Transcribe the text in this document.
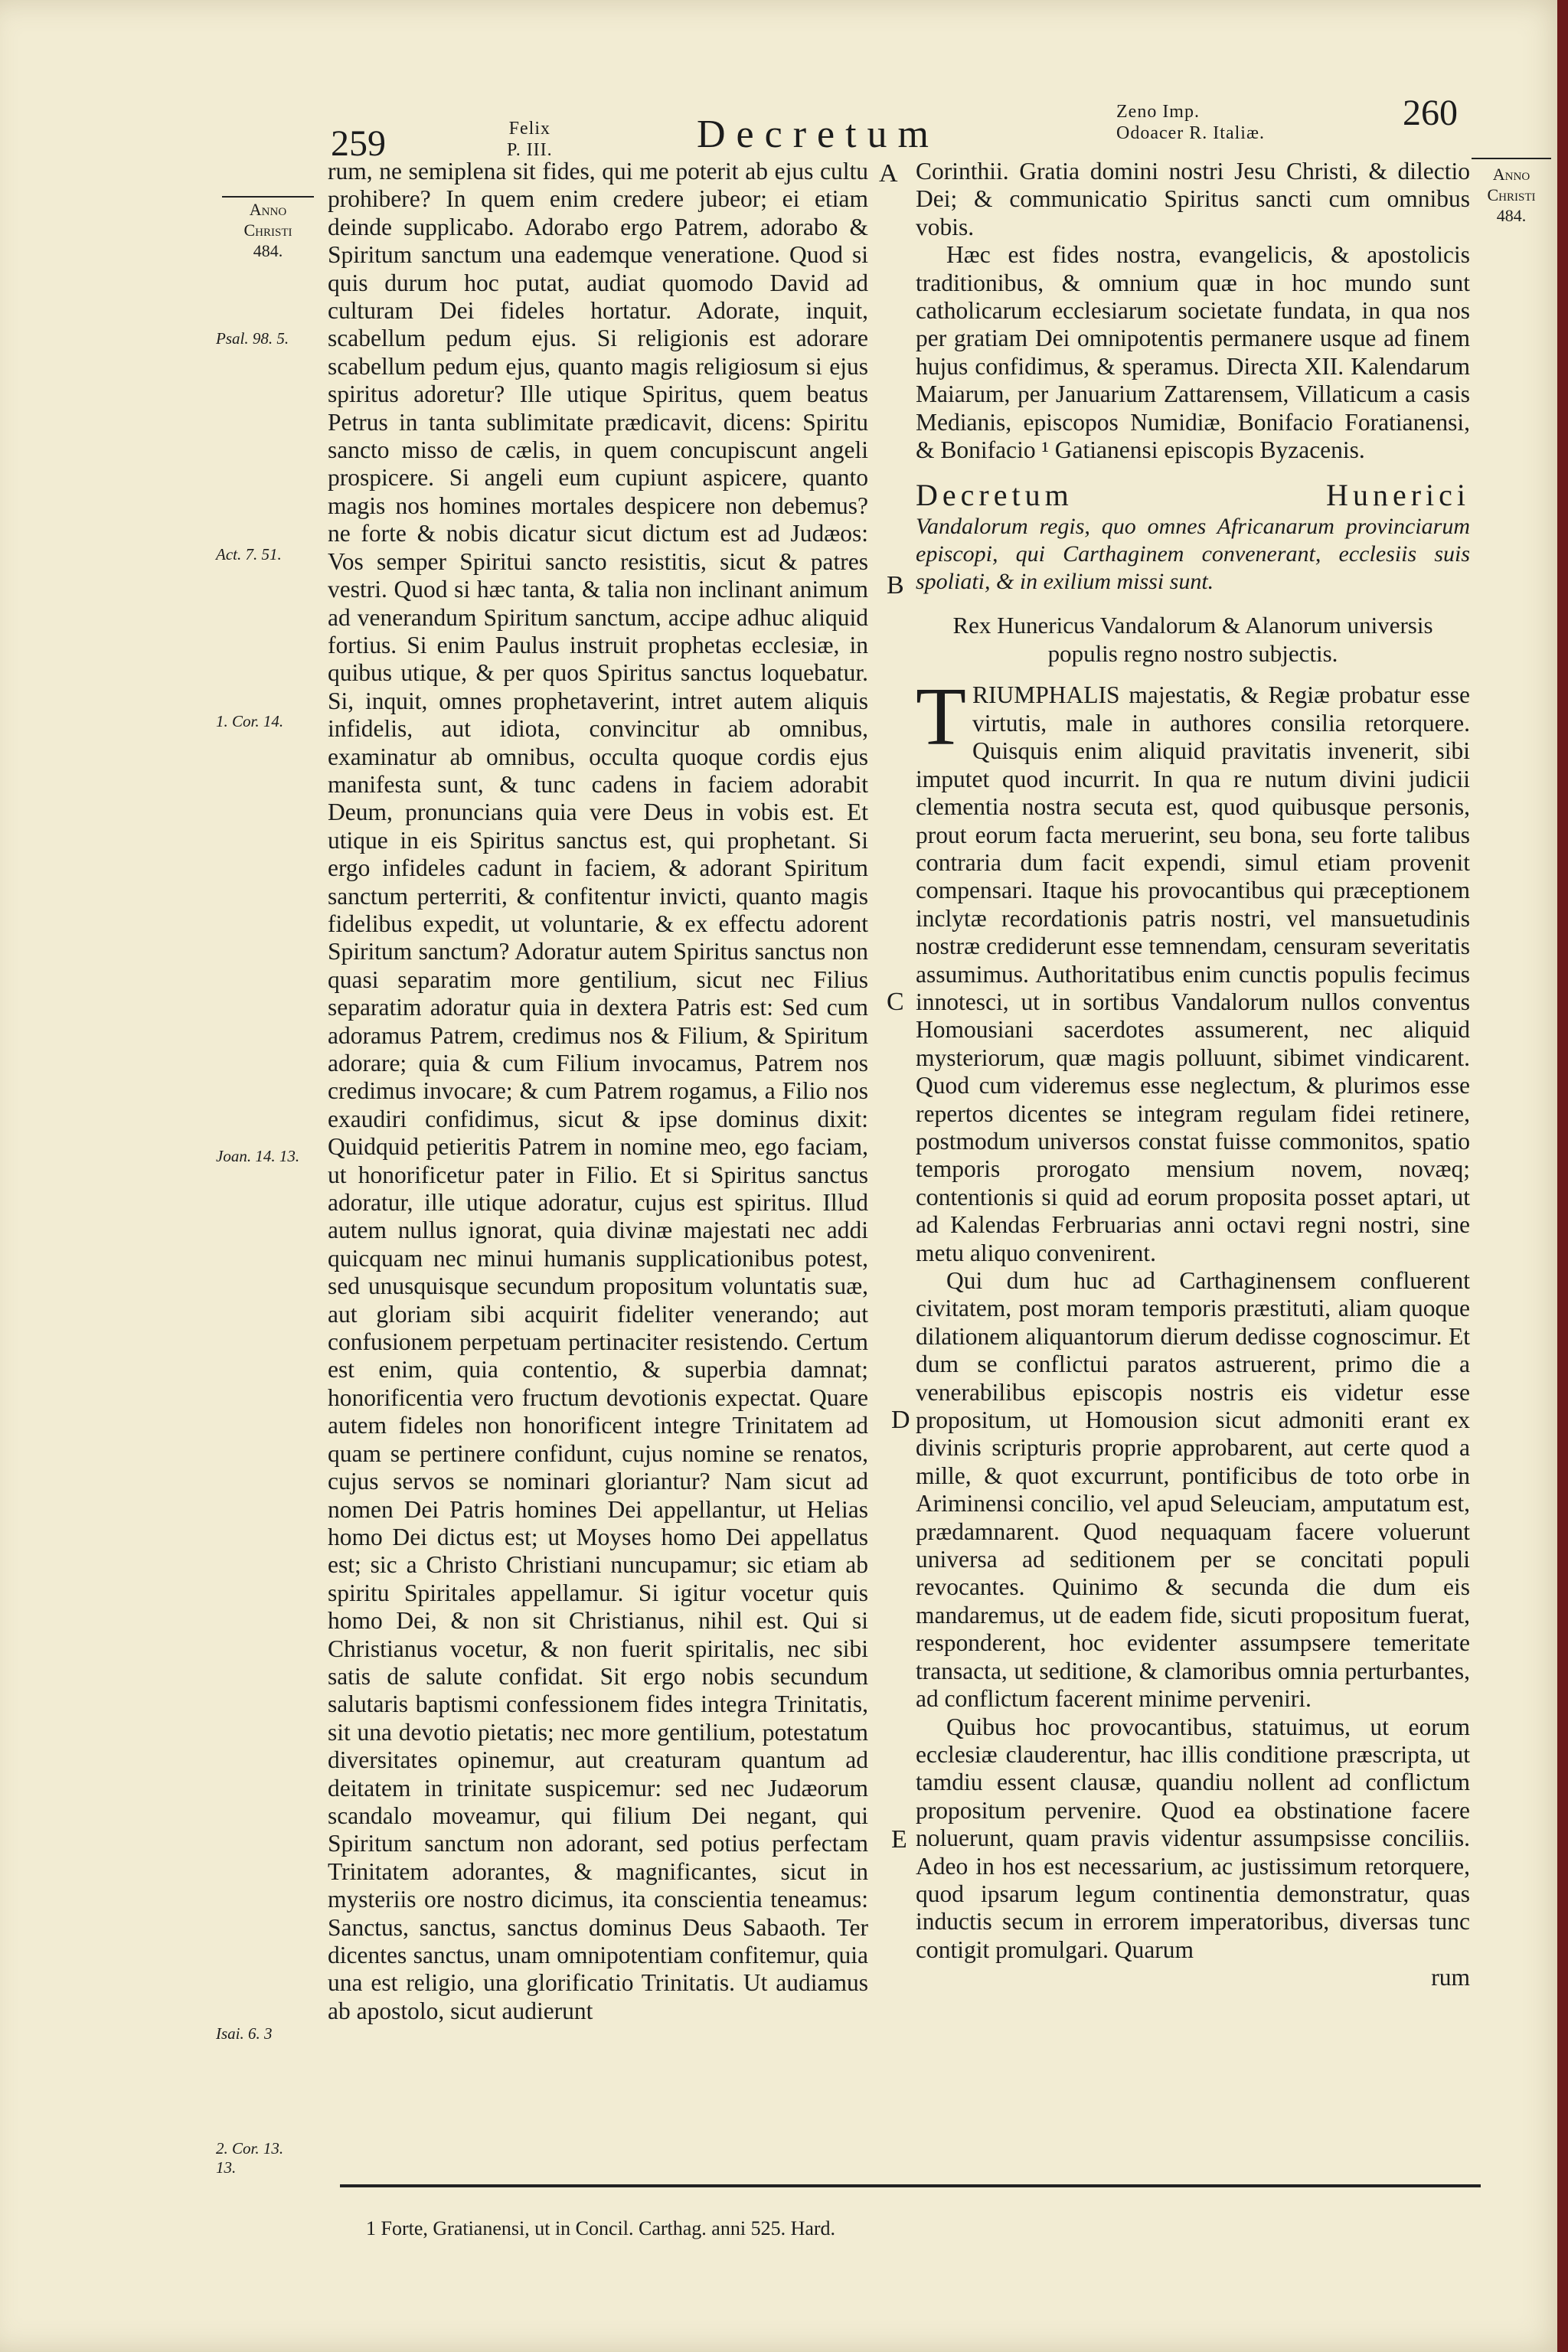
259	Felix
P. III.	Decretum
Zeno Imp.
Odoacer R. Italiæ.	260
Anno
Christi
484.
Anno
Christi
484.
Psal. 98. 5.
Act. 7. 51.
1. Cor. 14.
Joan. 14. 13.
Isai. 6. 3
2. Cor. 13. 13.
A
B
C
D
E

rum, ne semiplena sit fides, qui me poterit ab ejus cultu prohibere? In quem enim credere jubeor; ei etiam deinde supplicabo. Adorabo ergo Patrem, adorabo & Spiritum sanctum una eademque veneratione. Quod si quis durum hoc putat, audiat quomodo David ad culturam Dei fideles hortatur. Adorate, inquit, scabellum pedum ejus. Si religionis est adorare scabellum pedum ejus, quanto magis religiosum si ejus spiritus adoretur? Ille utique Spiritus, quem beatus Petrus in tanta sublimitate prædicavit, dicens: Spiritu sancto misso de cælis, in quem concupiscunt angeli prospicere. Si angeli eum cupiunt aspicere, quanto magis nos homines mortales despicere non debemus? ne forte & nobis dicatur sicut dictum est ad Judæos: Vos semper Spiritui sancto resistitis, sicut & patres vestri. Quod si hæc tanta, & talia non inclinant animum ad venerandum Spiritum sanctum, accipe adhuc aliquid fortius. Si enim Paulus instruit prophetas ecclesiæ, in quibus utique, & per quos Spiritus sanctus loquebatur. Si, inquit, omnes prophetaverint, intret autem aliquis infidelis, aut idiota, convincitur ab omnibus, examinatur ab omnibus, occulta quoque cordis ejus manifesta sunt, & tunc cadens in faciem adorabit Deum, pronuncians quia vere Deus in vobis est. Et utique in eis Spiritus sanctus est, qui prophetant. Si ergo infideles cadunt in faciem, & adorant Spiritum sanctum perterriti, & confitentur invicti, quanto magis fidelibus expedit, ut voluntarie, & ex effectu adorent Spiritum sanctum? Adoratur autem Spiritus sanctus non quasi separatim more gentilium, sicut nec Filius separatim adoratur quia in dextera Patris est: Sed cum adoramus Patrem, credimus nos & Filium, & Spiritum adorare; quia & cum Filium invocamus, Patrem nos credimus invocare; & cum Patrem rogamus, a Filio nos exaudiri confidimus, sicut & ipse dominus dixit: Quidquid petieritis Patrem in nomine meo, ego faciam, ut honorificetur pater in Filio. Et si Spiritus sanctus adoratur, ille utique adoratur, cujus est spiritus. Illud autem nullus ignorat, quia divinæ majestati nec addi quicquam nec minui humanis supplicationibus potest, sed unusquisque secundum propositum voluntatis suæ, aut gloriam sibi acquirit fideliter venerando; aut confusionem perpetuam pertinaciter resistendo. Certum est enim, quia contentio, & superbia damnat; honorificentia vero fructum devotionis expectat. Quare autem fideles non honorificent integre Trinitatem ad quam se pertinere confidunt, cujus nomine se renatos, cujus servos se nominari gloriantur? Nam sicut ad nomen Dei Patris homines Dei appellantur, ut Helias homo Dei dictus est; ut Moyses homo Dei appellatus est; sic a Christo Christiani nuncupamur; sic etiam ab spiritu Spiritales appellamur. Si igitur vocetur quis homo Dei, & non sit Christianus, nihil est. Qui si Christianus vocetur, & non fuerit spiritalis, nec sibi satis de salute confidat. Sit ergo nobis secundum salutaris baptismi confessionem fides integra Trinitatis, sit una devotio pietatis; nec more gentilium, potestatum diversitates opinemur, aut creaturam quantum ad deitatem in trinitate suspicemur: sed nec Judæorum scandalo moveamur, qui filium Dei negant, qui Spiritum sanctum non adorant, sed potius perfectam Trinitatem adorantes, & magnificantes, sicut in mysteriis ore nostro dicimus, ita conscientia teneamus: Sanctus, sanctus, sanctus dominus Deus Sabaoth. Ter dicentes sanctus, unam omnipotentiam confitemur, quia una est religio, una glorificatio Trinitatis. Ut audiamus ab apostolo, sicut audierunt

Corinthii. Gratia domini nostri Jesu Christi, & dilectio Dei; & communicatio Spiritus sancti cum omnibus vobis.

Hæc est fides nostra, evangelicis, & apostolicis traditionibus, & omnium quæ in hoc mundo sunt catholicarum ecclesiarum societate fundata, in qua nos per gratiam Dei omnipotentis permanere usque ad finem hujus confidimus, & speramus. Directa XII. Kalendarum Maiarum, per Januarium Zattarensem, Villaticum a casis Medianis, episcopos Numidiæ, Bonifacio Foratianensi, & Bonifacio ¹ Gatianensi episcopis Byzacenis.

Decretum Hunerici
Vandalorum regis, quo omnes Africanarum provinciarum episcopi, qui Carthaginem convenerant, ecclesiis suis spoliati, & in exilium missi sunt.
Rex Hunericus Vandalorum & Alanorum universis populis regno nostro subjectis.

TRIUMPHALIS majestatis, & Regiæ probatur esse virtutis, male in authores consilia retorquere. Quisquis enim aliquid pravitatis invenerit, sibi imputet quod incurrit. In qua re nutum divini judicii clementia nostra secuta est, quod quibusque personis, prout eorum facta meruerint, seu bona, seu forte talibus contraria dum facit expendi, simul etiam provenit compensari. Itaque his provocantibus qui præceptionem inclytæ recordationis patris nostri, vel mansuetudinis nostræ crediderunt esse temnendam, censuram severitatis assumimus. Authoritatibus enim cunctis populis fecimus innotesci, ut in sortibus Vandalorum nullos conventus Homousiani sacerdotes assumerent, nec aliquid mysteriorum, quæ magis polluunt, sibimet vindicarent. Quod cum videremus esse neglectum, & plurimos esse repertos dicentes se integram regulam fidei retinere, postmodum universos constat fuisse commonitos, spatio temporis prorogato mensium novem, novæq; contentionis si quid ad eorum proposita posset aptari, ut ad Kalendas Ferbruarias anni octavi regni nostri, sine metu aliquo convenirent.

Qui dum huc ad Carthaginensem confluerent civitatem, post moram temporis præstituti, aliam quoque dilationem aliquantorum dierum dedisse cognoscimur. Et dum se conflictui paratos astruerent, primo die a venerabilibus episcopis nostris eis videtur esse propositum, ut Homousion sicut admoniti erant ex divinis scripturis proprie approbarent, aut certe quod a mille, & quot excurrunt, pontificibus de toto orbe in Ariminensi concilio, vel apud Seleuciam, amputatum est, prædamnarent. Quod nequaquam facere voluerunt universa ad seditionem per se concitati populi revocantes. Quinimo & secunda die dum eis mandaremus, ut de eadem fide, sicuti propositum fuerat, responderent, hoc evidenter assumpsere temeritate transacta, ut seditione, & clamoribus omnia perturbantes, ad conflictum facerent minime perveniri.

Quibus hoc provocantibus, statuimus, ut eorum ecclesiæ clauderentur, hac illis conditione præscripta, ut tamdiu essent clausæ, quandiu nollent ad conflictum propositum pervenire. Quod ea obstinatione facere noluerunt, quam pravis videntur assumpsisse conciliis. Adeo in hos est necessarium, ac justissimum retorquere, quod ipsarum legum continentia demonstratur, quas inductis secum in errorem imperatoribus, diversas tunc contigit promulgari. Quarum

rum
1 Forte, Gratianensi, ut in Concil. Carthag. anni 525. Hard.
